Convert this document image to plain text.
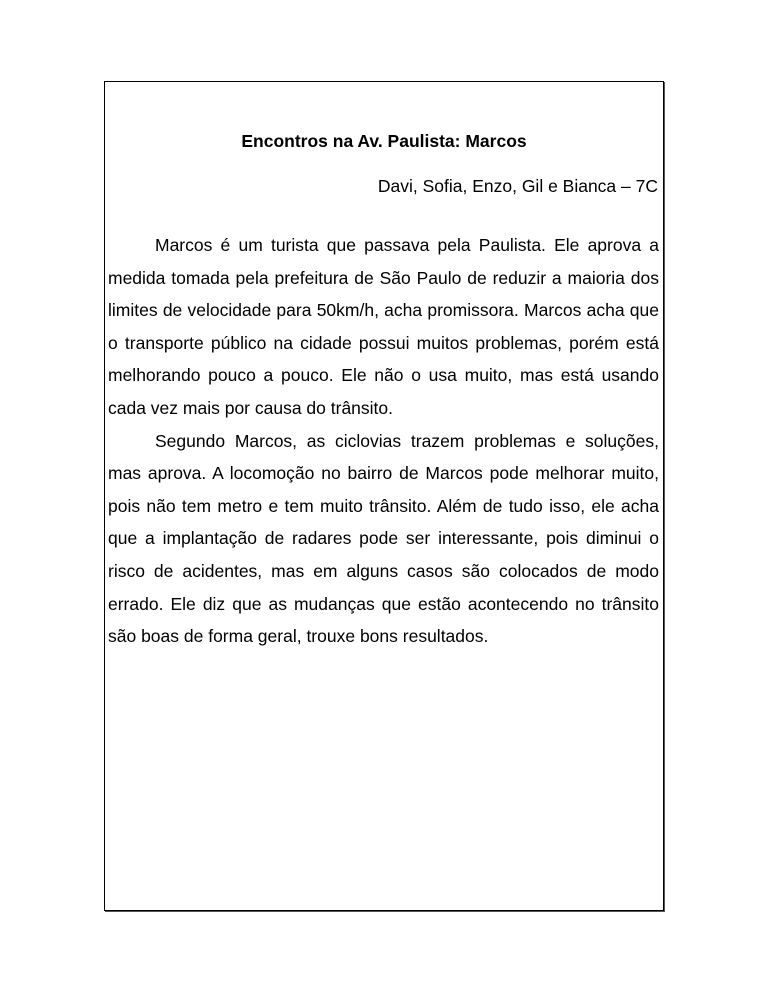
Encontros na Av. Paulista: Marcos

Davi, Sofia, Enzo, Gil e Bianca – 7C

Marcos é um turista que passava pela Paulista. Ele aprova a medida tomada pela prefeitura de São Paulo de reduzir a maioria dos limites de velocidade para 50km/h, acha promissora. Marcos acha que o transporte público na cidade possui muitos problemas, porém está melhorando pouco a pouco. Ele não o usa muito, mas está usando cada vez mais por causa do trânsito.

Segundo Marcos, as ciclovias trazem problemas e soluções, mas aprova. A locomoção no bairro de Marcos pode melhorar muito, pois não tem metro e tem muito trânsito. Além de tudo isso, ele acha que a implantação de radares pode ser interessante, pois diminui o risco de acidentes, mas em alguns casos são colocados de modo errado. Ele diz que as mudanças que estão acontecendo no trânsito são boas de forma geral, trouxe bons resultados.
